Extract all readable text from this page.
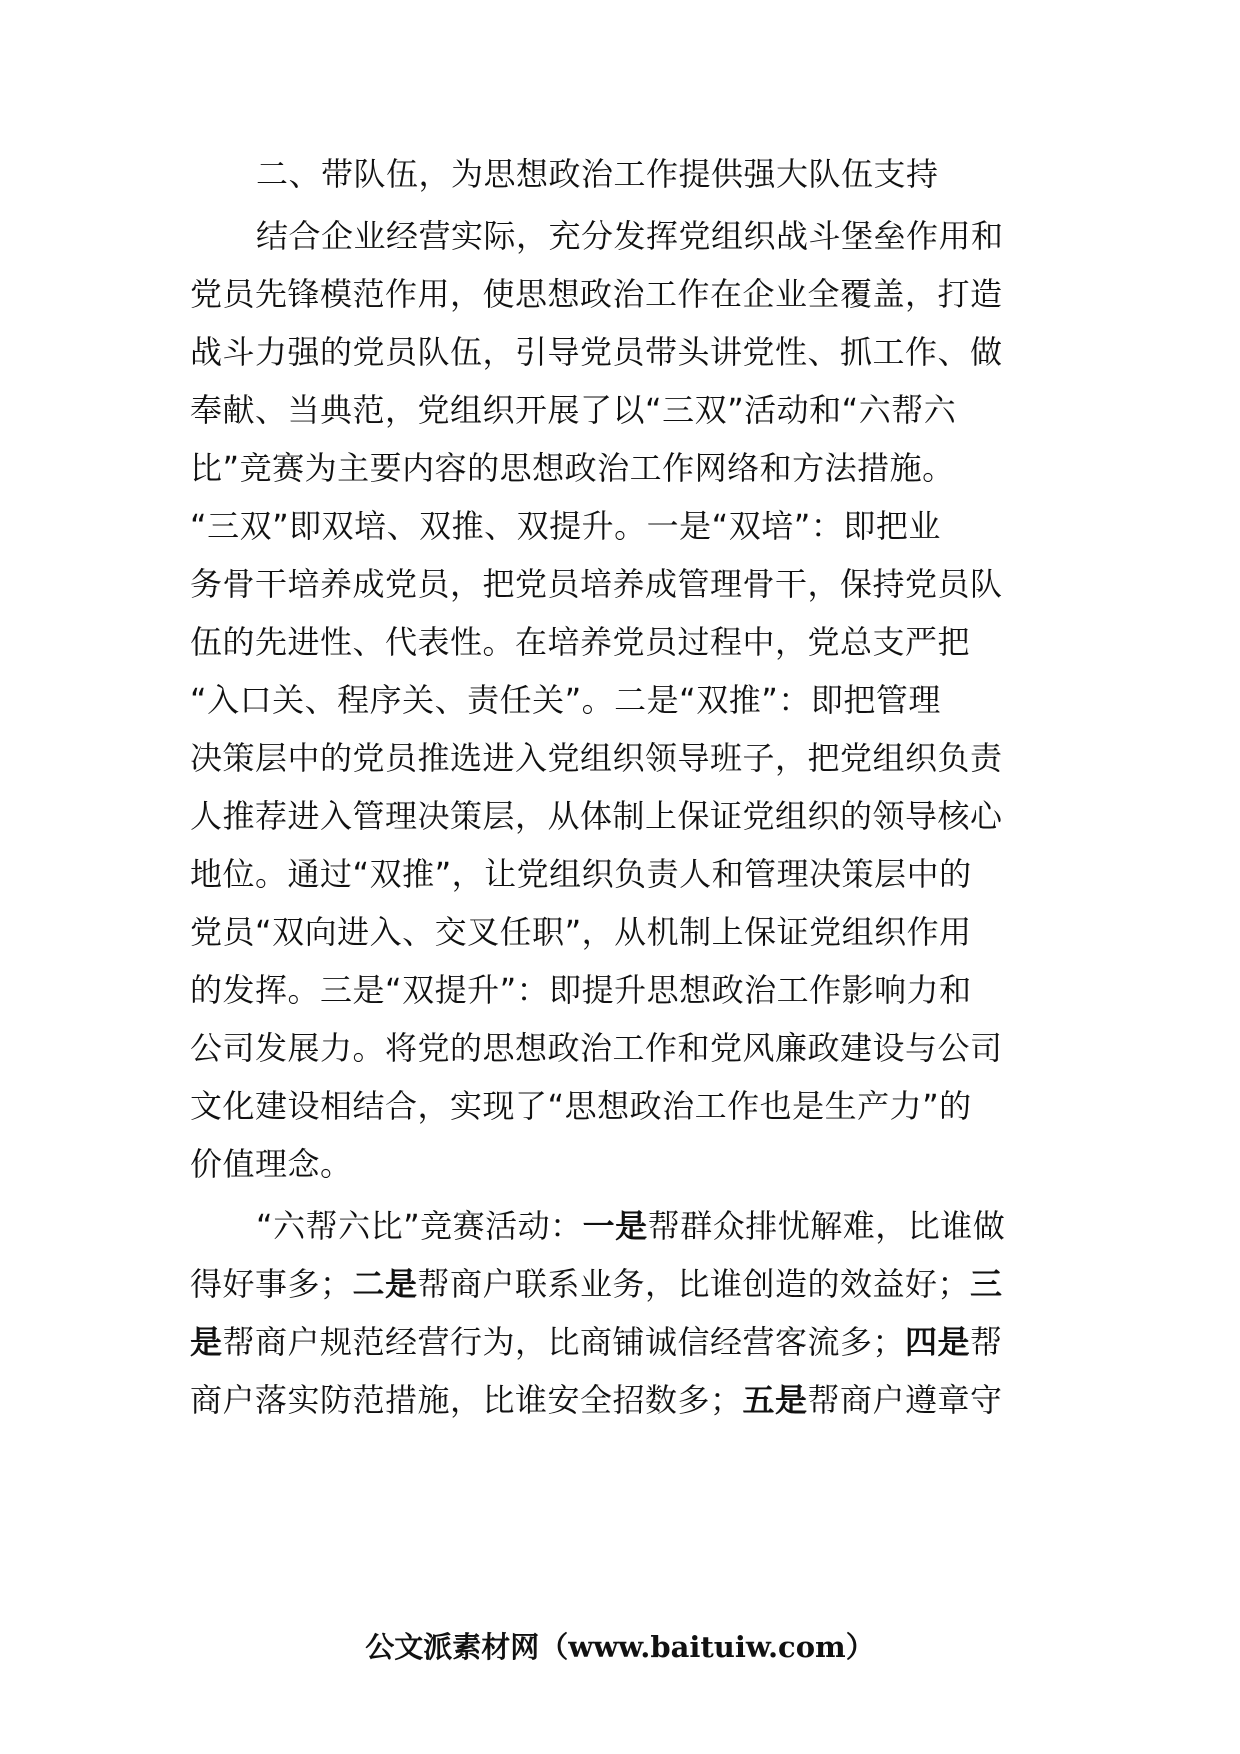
二、带队伍，为思想政治工作提供强大队伍支持
结合企业经营实际，充分发挥党组织战斗堡垒作用和
党员先锋模范作用，使思想政治工作在企业全覆盖，打造
战斗力强的党员队伍，引导党员带头讲党性、抓工作、做
奉献、当典范，党组织开展了以“三双”活动和“六帮六
比”竞赛为主要内容的思想政治工作网络和方法措施。
“三双”即双培、双推、双提升。一是“双培”：即把业
务骨干培养成党员，把党员培养成管理骨干，保持党员队
伍的先进性、代表性。在培养党员过程中，党总支严把
“入口关、程序关、责任关”。二是“双推”：即把管理
决策层中的党员推选进入党组织领导班子，把党组织负责
人推荐进入管理决策层，从体制上保证党组织的领导核心
地位。通过“双推”，让党组织负责人和管理决策层中的
党员“双向进入、交叉任职”，从机制上保证党组织作用
的发挥。三是“双提升”：即提升思想政治工作影响力和
公司发展力。将党的思想政治工作和党风廉政建设与公司
文化建设相结合，实现了“思想政治工作也是生产力”的
价值理念。
“六帮六比”竞赛活动：一是帮群众排忧解难，比谁做
得好事多；二是帮商户联系业务，比谁创造的效益好；三
是帮商户规范经营行为，比商铺诚信经营客流多；四是帮
商户落实防范措施，比谁安全招数多；五是帮商户遵章守
公文派素材网（www.baituiw.com）
